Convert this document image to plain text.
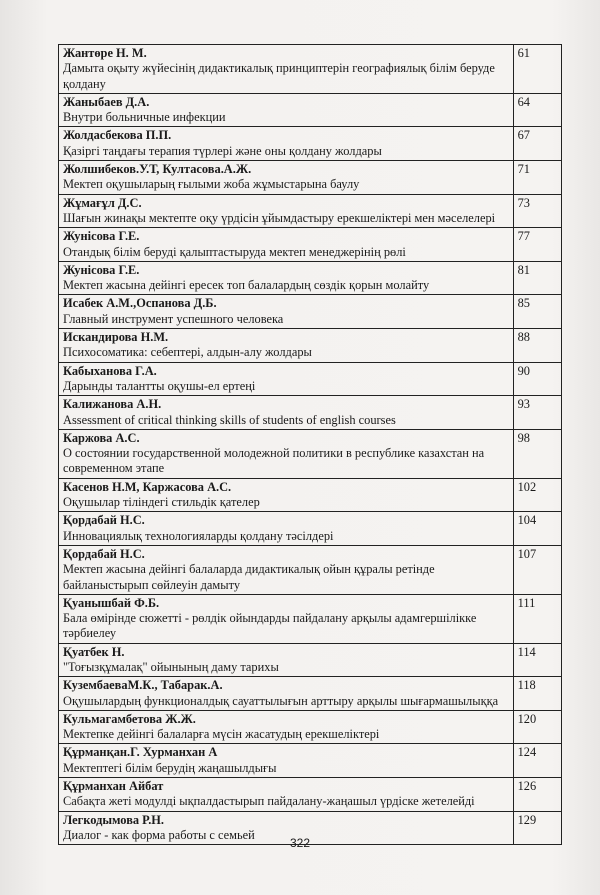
Жантөре Н. М.
Дамыта оқыту жүйесінің дидактикалық принциптерін географиялық білім беруде қолдану	61

Жаныбаев Д.А.
Внутри больничные инфекции	64

Жолдасбекова П.П.
Қазіргі таңдағы терапия түрлері және оны қолдану жолдары	67

Жолшибеков.У.Т, Култасова.А.Ж.
Мектеп оқушыларың ғылыми жоба жұмыстарына баулу	71

Жұмағұл Д.С.
Шағын жинақы мектепте оқу үрдісін ұйымдастыру ерекшеліктері мен мәселелері	73

Жунісова Г.Е.
Отандық білім беруді қалыптастыруда мектеп менеджерінің рөлі	77

Жунісова Г.Е.
Мектеп жасына дейінгі ересек топ балалардың сөздік қорын молайту	81

Исабек А.М.,Оспанова Д.Б.
Главный инструмент успешного человека	85

Искандирова Н.М.
Психосоматика: себептері, алдын-алу жолдары	88

Кабыханова Г.А.
Дарынды талантты оқушы-ел ертеңі	90

Калижанова А.Н.
Assessment of critical thinking skills of students of english courses	93

Каржова А.С.
О состоянии государственной молодежной политики в республике казахстан на современном этапе	98

Касенов Н.М, Каржасова А.С.
Оқушылар тіліндегі стильдік қателер	102

Қордабай Н.С.
Инновациялық технологияларды қолдану тәсілдері	104

Қордабай Н.С.
Мектеп жасына дейінгі балаларда дидактикалық ойын құралы ретінде байланыстырып сөйлеуін дамыту	107

Қуанышбай Ф.Б.
Бала өмірінде сюжетті - рөлдік ойындарды пайдалану арқылы адамгершілікке тәрбиелеу	111

Қуатбек Н.
"Тоғызқұмалақ" ойынының даму тарихы	114

КузембаеваМ.К., Табарак.А.
Оқушылардың функционалдық сауаттылығын арттыру арқылы шығармашылыққа	118

Кульмагамбетова Ж.Ж.
Мектепке дейінгі балаларға мүсін жасатудың ерекшеліктері	120

Құрманқан.Г. Хурманхан А
Мектептегі білім берудің жаңашылдығы	124

Құрманхан Айбат
Сабақта жеті модулді ықпалдастырып пайдалану-жаңашыл үрдіске жетелейді	126

Легкодымова Р.Н.
Диалог - как форма работы с семьей	129
322
